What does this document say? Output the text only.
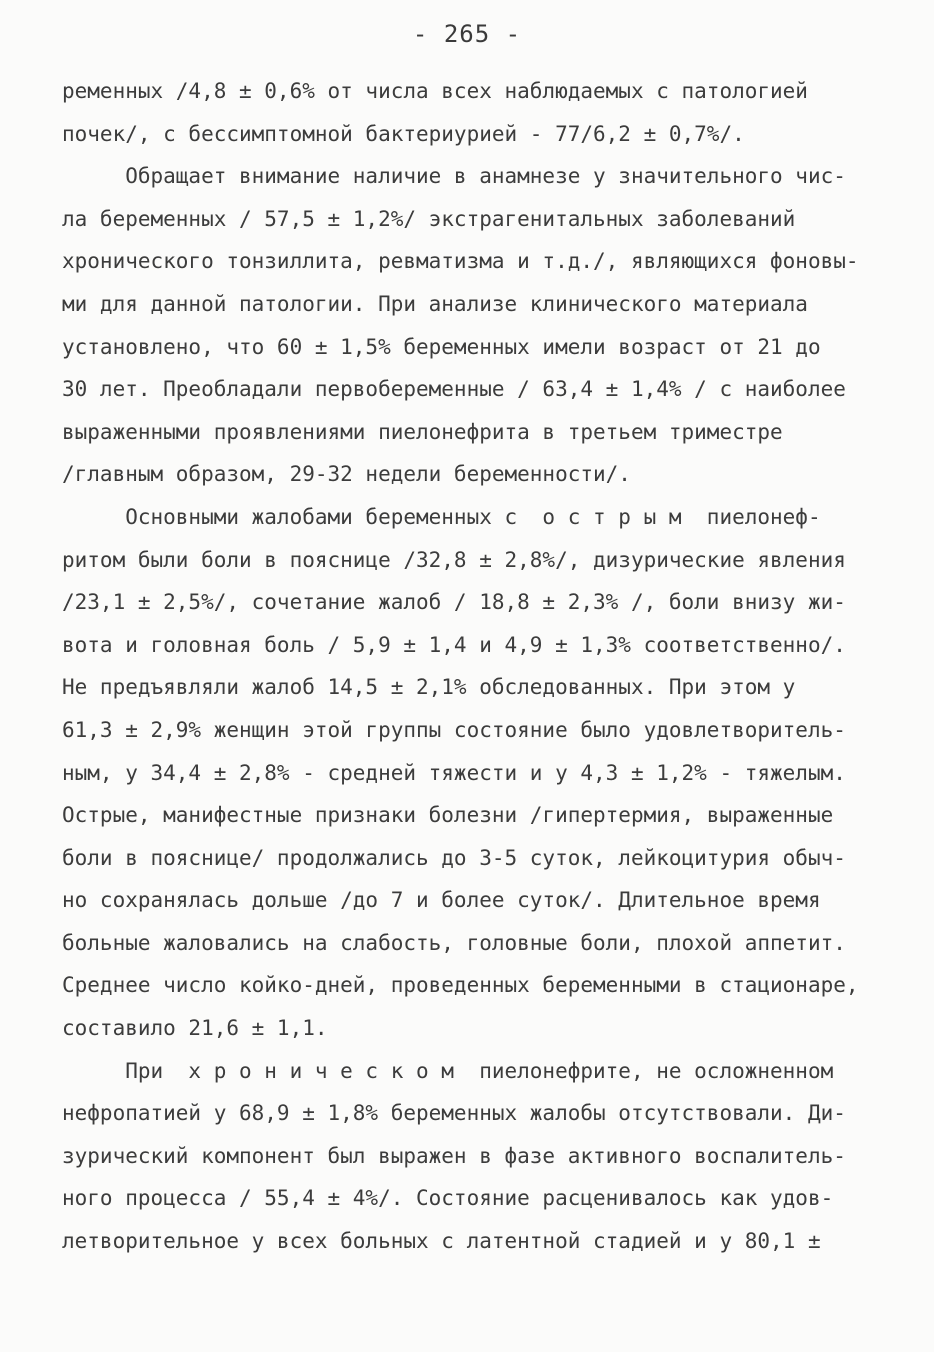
- 265 -
ременных /4,8 ± 0,6% от числа всех наблюдаемых с патологией
почек/, с бессимптомной бактериурией - 77/6,2 ± 0,7%/.
Обращает внимание наличие в анамнезе у значительного чис-
ла беременных / 57,5 ± 1,2%/ экстрагенитальных заболеваний
хронического тонзиллита, ревматизма и т.д./, являющихся фоновы-
ми для данной патологии. При анализе клинического материала
установлено, что 60 ± 1,5% беременных имели возраст от 21 до
30 лет. Преобладали первобеременные / 63,4 ± 1,4% / с наиболее
выраженными проявлениями пиелонефрита в третьем триместре
/главным образом, 29-32 недели беременности/.
Основными жалобами беременных с  о с т р ы м  пиелонеф-
ритом были боли в пояснице /32,8 ± 2,8%/, дизурические явления
/23,1 ± 2,5%/, сочетание жалоб / 18,8 ± 2,3% /, боли внизу жи-
вота и головная боль / 5,9 ± 1,4 и 4,9 ± 1,3% соответственно/.
Не предъявляли жалоб 14,5 ± 2,1% обследованных. При этом у
61,3 ± 2,9% женщин этой группы состояние было удовлетворитель-
ным, у 34,4 ± 2,8% - средней тяжести и у 4,3 ± 1,2% - тяжелым.
Острые, манифестные признаки болезни /гипертермия, выраженные
боли в пояснице/ продолжались до 3-5 суток, лейкоцитурия обыч-
но сохранялась дольше /до 7 и более суток/. Длительное время
больные жаловались на слабость, головные боли, плохой аппетит.
Среднее число койко-дней, проведенных беременными в стационаре,
составило 21,6 ± 1,1.
При  х р о н и ч е с к о м  пиелонефрите, не осложненном
нефропатией у 68,9 ± 1,8% беременных жалобы отсутствовали. Ди-
зурический компонент был выражен в фазе активного воспалитель-
ного процесса / 55,4 ± 4%/. Состояние расценивалось как удов-
летворительное у всех больных с латентной стадией и у 80,1 ±
